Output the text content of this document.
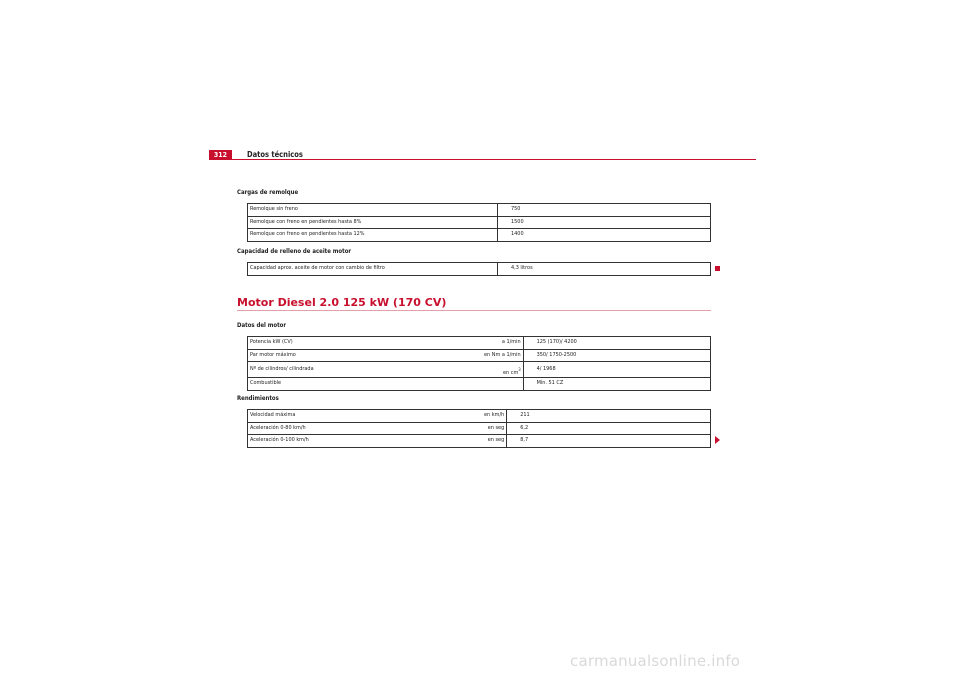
312	Datos técnicos
Cargas de remolque
Remolque sin freno		750
Remolque con freno en pendientes hasta 8%		1500
Remolque con freno en pendientes hasta 12%		1400
Capacidad de relleno de aceite motor
Capacidad aprox. aceite de motor con cambio de filtro		4,3 litros
Motor Diesel 2.0 125 kW (170 CV)
Datos del motor
Potencia kW (CV)	a 1/min	125 (170)/ 4200
Par motor máximo	en Nm a 1/min	350/ 1750-2500
Nº de cilindros/ cilindrada	en $cm^3$	4/ 1968
Combustible		Mín. 51 CZ
Rendimientos
Velocidad máxima	en km/h	211
Aceleración 0-80 km/h	en seg	6,2
Aceleración 0-100 km/h	en seg	8,7
carmanualsonline.info
